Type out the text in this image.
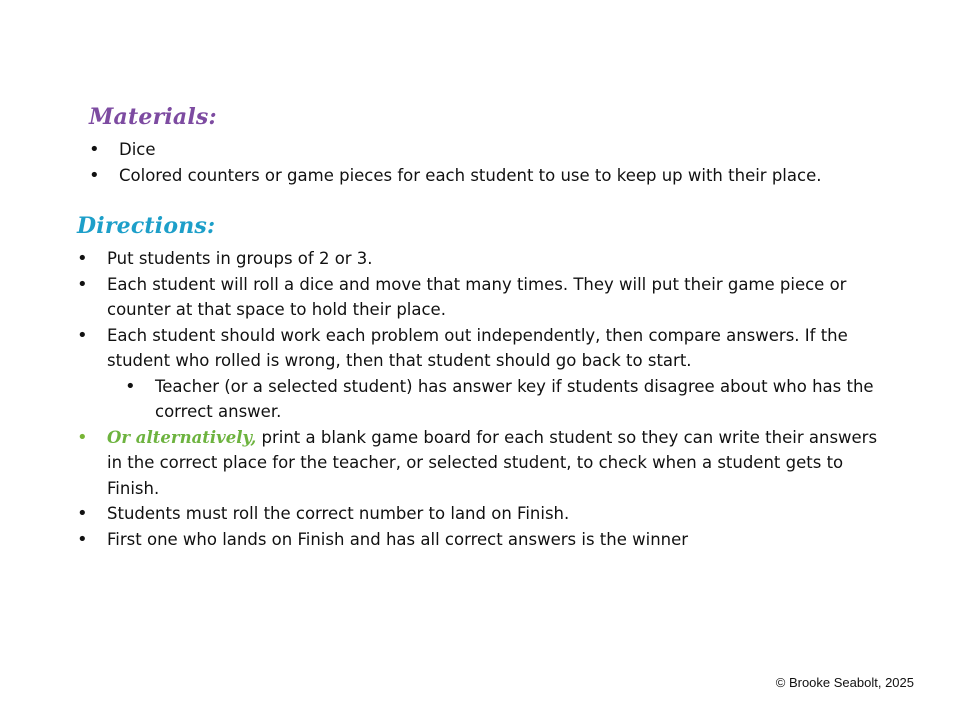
Materials:
• Dice
• Colored counters or game pieces for each student to use to keep up with their place.
Directions:
• Put students in groups of 2 or 3.
• Each student will roll a dice and move that many times. They will put their game piece or counter at that space to hold their place.
• Each student should work each problem out independently, then compare answers. If the student who rolled is wrong, then that student should go back to start.
• Teacher (or a selected student) has answer key if students disagree about who has the correct answer.
• Or alternatively, print a blank game board for each student so they can write their answers in the correct place for the teacher, or selected student, to check when a student gets to Finish.
• Students must roll the correct number to land on Finish.
• First one who lands on Finish and has all correct answers is the winner

© Brooke Seabolt, 2025
